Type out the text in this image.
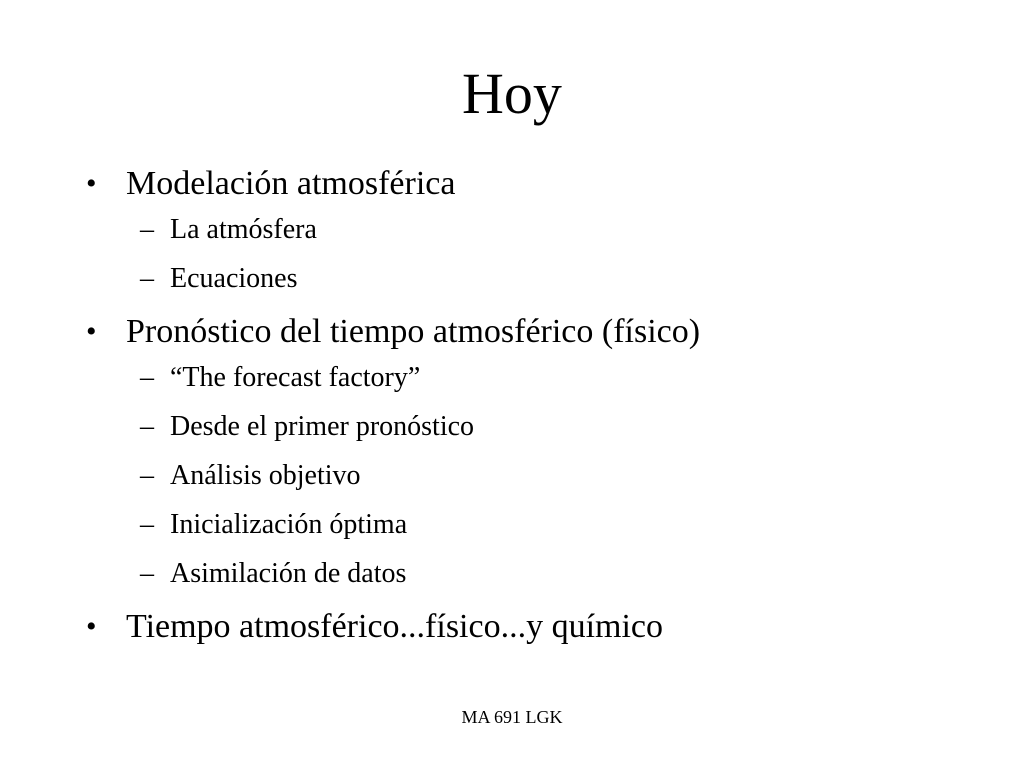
Hoy
• Modelación atmosférica
– La atmósfera
– Ecuaciones
• Pronóstico del tiempo atmosférico (físico)
– “The forecast factory”
– Desde el primer pronóstico
– Análisis objetivo
– Inicialización óptima
– Asimilación de datos
• Tiempo atmosférico...físico...y químico
MA 691 LGK
